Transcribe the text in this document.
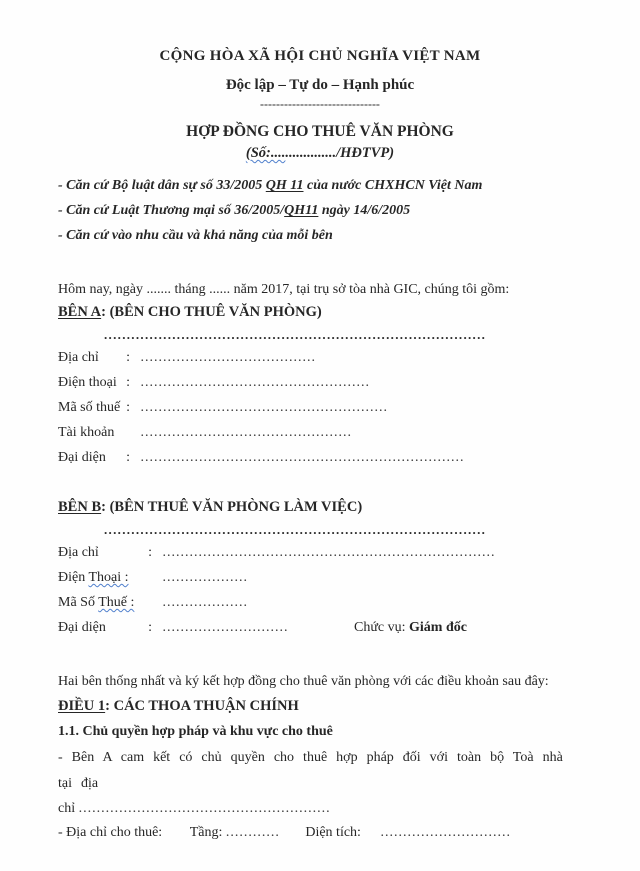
CỘNG HÒA XÃ HỘI CHỦ NGHĨA VIỆT NAM
Độc lập – Tự do – Hạnh phúc
------------------------------
HỢP ĐỒNG CHO THUÊ VĂN PHÒNG
(Số:................../HĐTVP)
- Căn cứ Bộ luật dân sự số 33/2005 QH 11 của nước CHXHCN Việt Nam
- Căn cứ Luật Thương mại số 36/2005/QH11 ngày 14/6/2005
- Căn cứ vào nhu cầu và khả năng của mỗi bên
Hôm nay, ngày ....... tháng ...... năm 2017, tại trụ sở tòa nhà GIC, chúng tôi gồm:
BÊN A: (BÊN CHO THUÊ VĂN PHÒNG)
....................................................................................
Địa chỉ : .......................................
Điện thoại : ...................................................
Mã số thuế : .......................................................
Tài khoản ...............................................
Đại diện : ........................................................................
BÊN B: (BÊN THUÊ VĂN PHÒNG LÀM VIỆC)
....................................................................................
Địa chỉ	: ..........................................................................
Điện Thoại : ...................
Mã Số Thuế : ...................
Đại diện	: ............................	Chức vụ: Giám đốc
Hai bên thống nhất và ký kết hợp đồng cho thuê văn phòng với các điều khoản sau đây:
ĐIỀU 1: CÁC THOA THUẬN CHÍNH
1.1. Chủ quyền hợp pháp và khu vực cho thuê
- Bên A cam kết có chủ quyền cho thuê hợp pháp đối với toàn bộ Toà nhà tại địa
chỉ ........................................................
- Địa chỉ cho thuê: Tầng: ............ Diện tích: .............................
